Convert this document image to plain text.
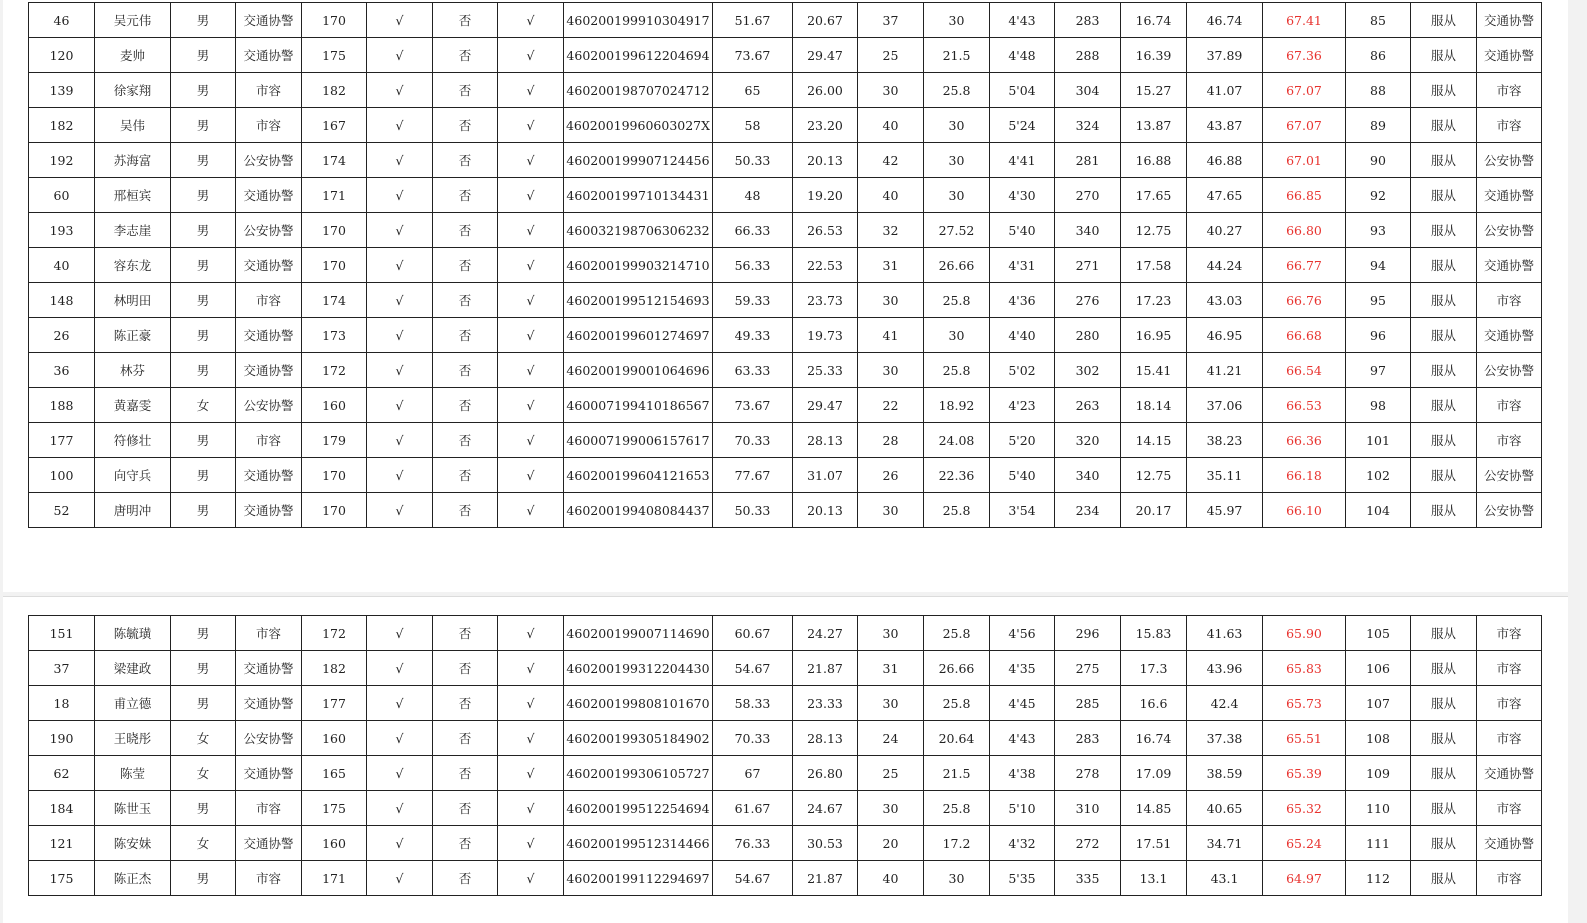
46	吴元伟	男	交通协警	170	√	否	√	460200199910304917	51.67	20.67	37	30	4'43	283	16.74	46.74	67.41	85	服从	交通协警
120	麦帅	男	交通协警	175	√	否	√	460200199612204694	73.67	29.47	25	21.5	4'48	288	16.39	37.89	67.36	86	服从	交通协警
139	徐家翔	男	市容	182	√	否	√	460200198707024712	65	26.00	30	25.8	5'04	304	15.27	41.07	67.07	88	服从	市容
182	吴伟	男	市容	167	√	否	√	46020019960603027X	58	23.20	40	30	5'24	324	13.87	43.87	67.07	89	服从	市容
192	苏海富	男	公安协警	174	√	否	√	460200199907124456	50.33	20.13	42	30	4'41	281	16.88	46.88	67.01	90	服从	公安协警
60	邢桓宾	男	交通协警	171	√	否	√	460200199710134431	48	19.20	40	30	4'30	270	17.65	47.65	66.85	92	服从	交通协警
193	李志崖	男	公安协警	170	√	否	√	460032198706306232	66.33	26.53	32	27.52	5'40	340	12.75	40.27	66.80	93	服从	公安协警
40	容东龙	男	交通协警	170	√	否	√	460200199903214710	56.33	22.53	31	26.66	4'31	271	17.58	44.24	66.77	94	服从	交通协警
148	林明田	男	市容	174	√	否	√	460200199512154693	59.33	23.73	30	25.8	4'36	276	17.23	43.03	66.76	95	服从	市容
26	陈正豪	男	交通协警	173	√	否	√	460200199601274697	49.33	19.73	41	30	4'40	280	16.95	46.95	66.68	96	服从	交通协警
36	林芬	男	交通协警	172	√	否	√	460200199001064696	63.33	25.33	30	25.8	5'02	302	15.41	41.21	66.54	97	服从	公安协警
188	黄嘉雯	女	公安协警	160	√	否	√	460007199410186567	73.67	29.47	22	18.92	4'23	263	18.14	37.06	66.53	98	服从	市容
177	符修壮	男	市容	179	√	否	√	460007199006157617	70.33	28.13	28	24.08	5'20	320	14.15	38.23	66.36	101	服从	市容
100	向守兵	男	交通协警	170	√	否	√	460200199604121653	77.67	31.07	26	22.36	5'40	340	12.75	35.11	66.18	102	服从	公安协警
52	唐明冲	男	交通协警	170	√	否	√	460200199408084437	50.33	20.13	30	25.8	3'54	234	20.17	45.97	66.10	104	服从	公安协警
151	陈毓璜	男	市容	172	√	否	√	460200199007114690	60.67	24.27	30	25.8	4'56	296	15.83	41.63	65.90	105	服从	市容
37	梁建政	男	交通协警	182	√	否	√	460200199312204430	54.67	21.87	31	26.66	4'35	275	17.3	43.96	65.83	106	服从	市容
18	甫立德	男	交通协警	177	√	否	√	460200199808101670	58.33	23.33	30	25.8	4'45	285	16.6	42.4	65.73	107	服从	市容
190	王晓彤	女	公安协警	160	√	否	√	460200199305184902	70.33	28.13	24	20.64	4'43	283	16.74	37.38	65.51	108	服从	市容
62	陈莹	女	交通协警	165	√	否	√	460200199306105727	67	26.80	25	21.5	4'38	278	17.09	38.59	65.39	109	服从	交通协警
184	陈世玉	男	市容	175	√	否	√	460200199512254694	61.67	24.67	30	25.8	5'10	310	14.85	40.65	65.32	110	服从	市容
121	陈安妹	女	交通协警	160	√	否	√	460200199512314466	76.33	30.53	20	17.2	4'32	272	17.51	34.71	65.24	111	服从	交通协警
175	陈正杰	男	市容	171	√	否	√	460200199112294697	54.67	21.87	40	30	5'35	335	13.1	43.1	64.97	112	服从	市容
